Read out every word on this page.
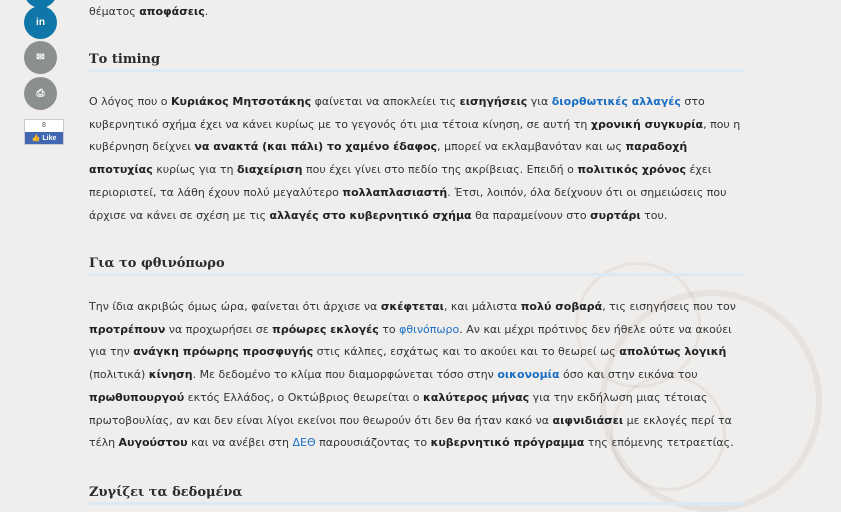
in
✉
⎙
8
👍 Like
θέματος αποφάσεις.
Το timing
Ο λόγος που ο Κυριάκος Μητσοτάκης φαίνεται να αποκλείει τις εισηγήσεις για διορθωτικές αλλαγές στο κυβερνητικό σχήμα έχει να κάνει κυρίως με το γεγονός ότι μια τέτοια κίνηση, σε αυτή τη χρονική συγκυρία, που η κυβέρνηση δείχνει να ανακτά (και πάλι) το χαμένο έδαφος, μπορεί να εκλαμβανόταν και ως παραδοχή αποτυχίας κυρίως για τη διαχείριση που έχει γίνει στο πεδίο της ακρίβειας. Επειδή ο πολιτικός χρόνος έχει περιοριστεί, τα λάθη έχουν πολύ μεγαλύτερο πολλαπλασιαστή. Έτσι, λοιπόν, όλα δείχνουν ότι οι σημειώσεις που άρχισε να κάνει σε σχέση με τις αλλαγές στο κυβερνητικό σχήμα θα παραμείνουν στο συρτάρι του.
Για το φθινόπωρο
Την ίδια ακριβώς όμως ώρα, φαίνεται ότι άρχισε να σκέφτεται, και μάλιστα πολύ σοβαρά, τις εισηγήσεις που τον προτρέπουν να προχωρήσει σε πρόωρες εκλογές το φθινόπωρο. Αν και μέχρι πρότινος δεν ήθελε ούτε να ακούει για την ανάγκη πρόωρης προσφυγής στις κάλπες, εσχάτως και το ακούει και το θεωρεί ως απολύτως λογική (πολιτικά) κίνηση. Με δεδομένο το κλίμα που διαμορφώνεται τόσο στην οικονομία όσο και στην εικόνα του πρωθυπουργού εκτός Ελλάδος, ο Οκτώβριος θεωρείται ο καλύτερος μήνας για την εκδήλωση μιας τέτοιας πρωτοβουλίας, αν και δεν είναι λίγοι εκείνοι που θεωρούν ότι δεν θα ήταν κακό να αιφνιδιάσει με εκλογές περί τα τέλη Αυγούστου και να ανέβει στη ΔΕΘ παρουσιάζοντας το κυβερνητικό πρόγραμμα της επόμενης τετραετίας.
Ζυγίζει τα δεδομένα
